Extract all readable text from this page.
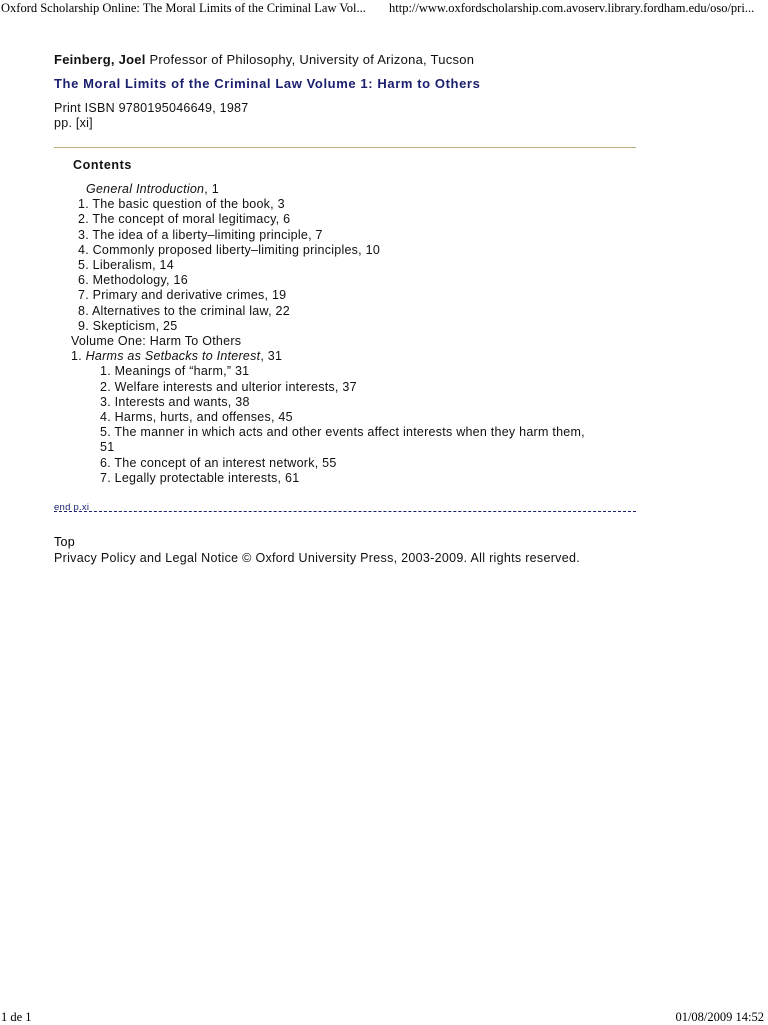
Oxford Scholarship Online: The Moral Limits of the Criminal Law Vol... http://www.oxfordscholarship.com.avoserv.library.fordham.edu/oso/pri...
Feinberg, Joel Professor of Philosophy, University of Arizona, Tucson
The Moral Limits of the Criminal Law Volume 1: Harm to Others
Print ISBN 9780195046649, 1987
pp. [xi]
Contents
General Introduction, 1
1. The basic question of the book, 3
2. The concept of moral legitimacy, 6
3. The idea of a liberty–limiting principle, 7
4. Commonly proposed liberty–limiting principles, 10
5. Liberalism, 14
6. Methodology, 16
7. Primary and derivative crimes, 19
8. Alternatives to the criminal law, 22
9. Skepticism, 25
Volume One: Harm To Others
1. Harms as Setbacks to Interest, 31
1. Meanings of “harm,” 31
2. Welfare interests and ulterior interests, 37
3. Interests and wants, 38
4. Harms, hurts, and offenses, 45
5. The manner in which acts and other events affect interests when they harm them, 51
6. The concept of an interest network, 55
7. Legally protectable interests, 61
end p.xi
Top
Privacy Policy and Legal Notice © Oxford University Press, 2003-2009. All rights reserved.
1 de 1	01/08/2009 14:52
